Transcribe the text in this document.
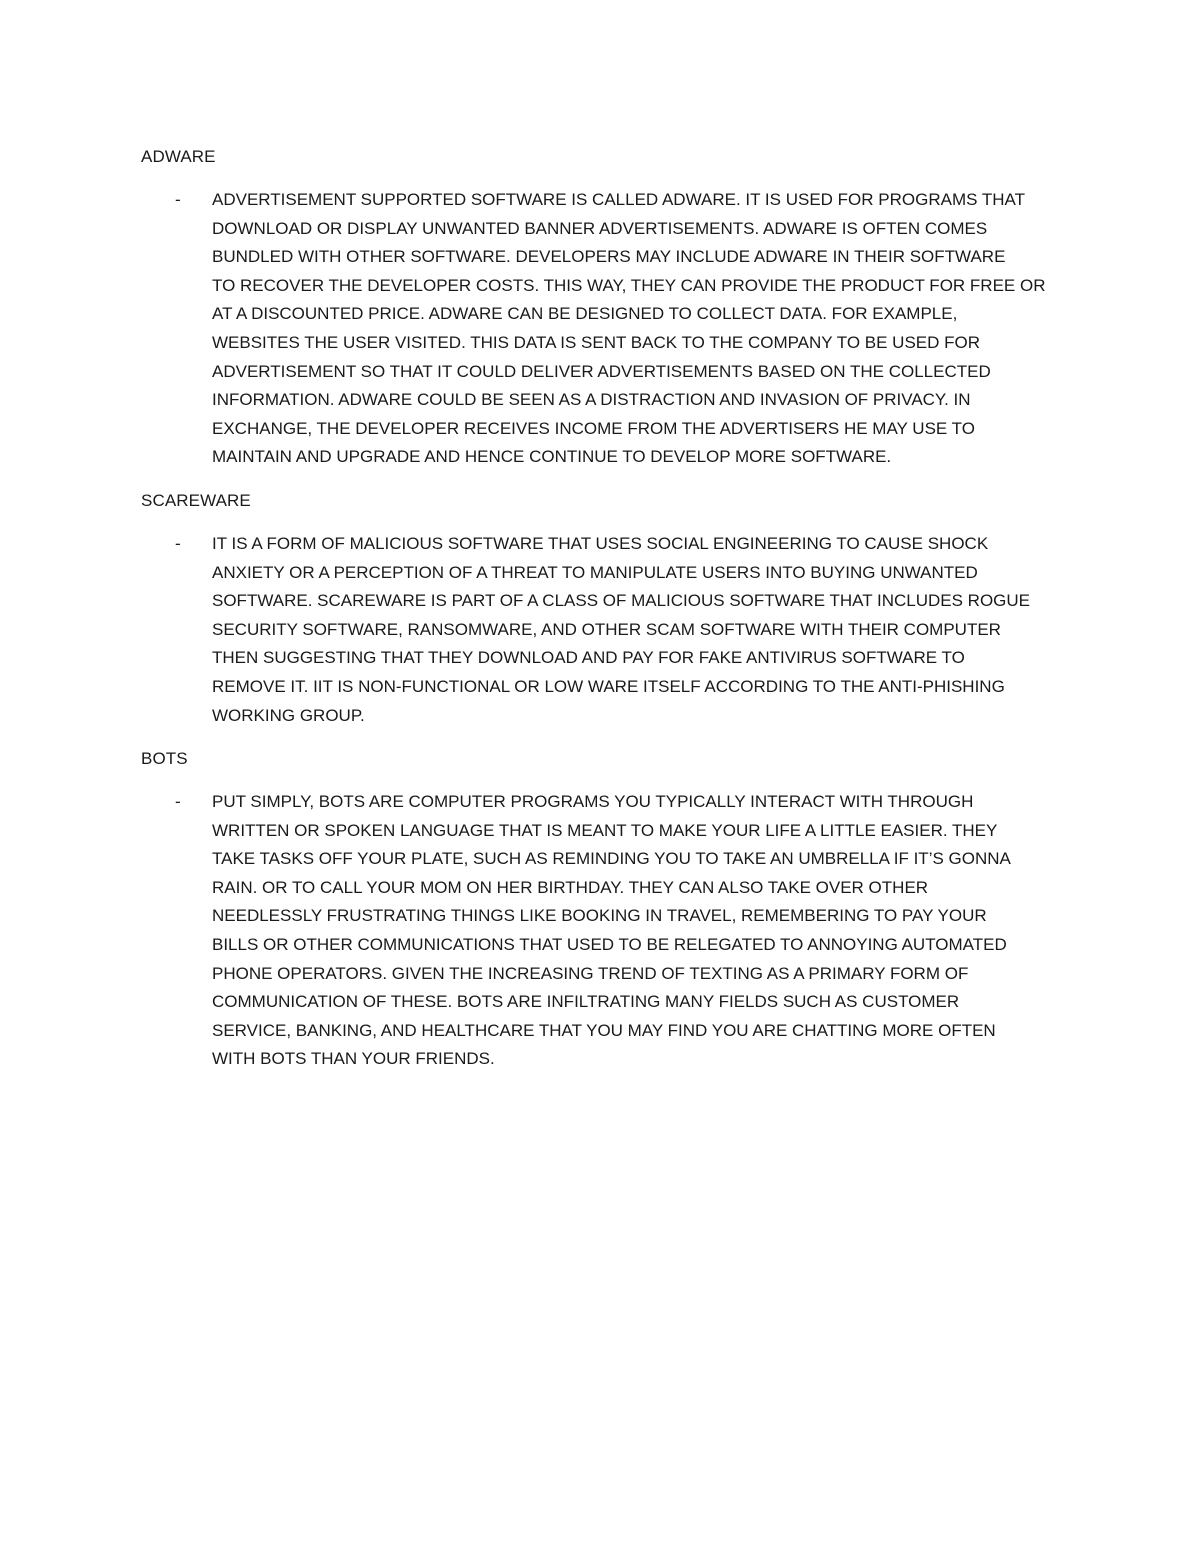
ADWARE
- ADVERTISEMENT SUPPORTED SOFTWARE IS CALLED ADWARE. IT IS USED FOR PROGRAMS THAT
DOWNLOAD OR DISPLAY UNWANTED BANNER ADVERTISEMENTS. ADWARE IS OFTEN COMES
BUNDLED WITH OTHER SOFTWARE. DEVELOPERS MAY INCLUDE ADWARE IN THEIR SOFTWARE
TO RECOVER THE DEVELOPER COSTS. THIS WAY, THEY CAN PROVIDE THE PRODUCT FOR FREE OR
AT A DISCOUNTED PRICE. ADWARE CAN BE DESIGNED TO COLLECT DATA. FOR EXAMPLE,
WEBSITES THE USER VISITED. THIS DATA IS SENT BACK TO THE COMPANY TO BE USED FOR
ADVERTISEMENT SO THAT IT COULD DELIVER ADVERTISEMENTS BASED ON THE COLLECTED
INFORMATION. ADWARE COULD BE SEEN AS A DISTRACTION AND INVASION OF PRIVACY. IN
EXCHANGE, THE DEVELOPER RECEIVES INCOME FROM THE ADVERTISERS HE MAY USE TO
MAINTAIN AND UPGRADE AND HENCE CONTINUE TO DEVELOP MORE SOFTWARE.
SCAREWARE
- IT IS A FORM OF MALICIOUS SOFTWARE THAT USES SOCIAL ENGINEERING TO CAUSE SHOCK
ANXIETY OR A PERCEPTION OF A THREAT TO MANIPULATE USERS INTO BUYING UNWANTED
SOFTWARE. SCAREWARE IS PART OF A CLASS OF MALICIOUS SOFTWARE THAT INCLUDES ROGUE
SECURITY SOFTWARE, RANSOMWARE, AND OTHER SCAM SOFTWARE WITH THEIR COMPUTER
THEN SUGGESTING THAT THEY DOWNLOAD AND PAY FOR FAKE ANTIVIRUS SOFTWARE TO
REMOVE IT. IIT IS NON-FUNCTIONAL OR LOW WARE ITSELF ACCORDING TO THE ANTI-PHISHING
WORKING GROUP.
BOTS
- PUT SIMPLY, BOTS ARE COMPUTER PROGRAMS YOU TYPICALLY INTERACT WITH THROUGH
WRITTEN OR SPOKEN LANGUAGE THAT IS MEANT TO MAKE YOUR LIFE A LITTLE EASIER. THEY
TAKE TASKS OFF YOUR PLATE, SUCH AS REMINDING YOU TO TAKE AN UMBRELLA IF IT’S GONNA
RAIN. OR TO CALL YOUR MOM ON HER BIRTHDAY. THEY CAN ALSO TAKE OVER OTHER
NEEDLESSLY FRUSTRATING THINGS LIKE BOOKING IN TRAVEL, REMEMBERING TO PAY YOUR
BILLS OR OTHER COMMUNICATIONS THAT USED TO BE RELEGATED TO ANNOYING AUTOMATED
PHONE OPERATORS. GIVEN THE INCREASING TREND OF TEXTING AS A PRIMARY FORM OF
COMMUNICATION OF THESE. BOTS ARE INFILTRATING MANY FIELDS SUCH AS CUSTOMER
SERVICE, BANKING, AND HEALTHCARE THAT YOU MAY FIND YOU ARE CHATTING MORE OFTEN
WITH BOTS THAN YOUR FRIENDS.
